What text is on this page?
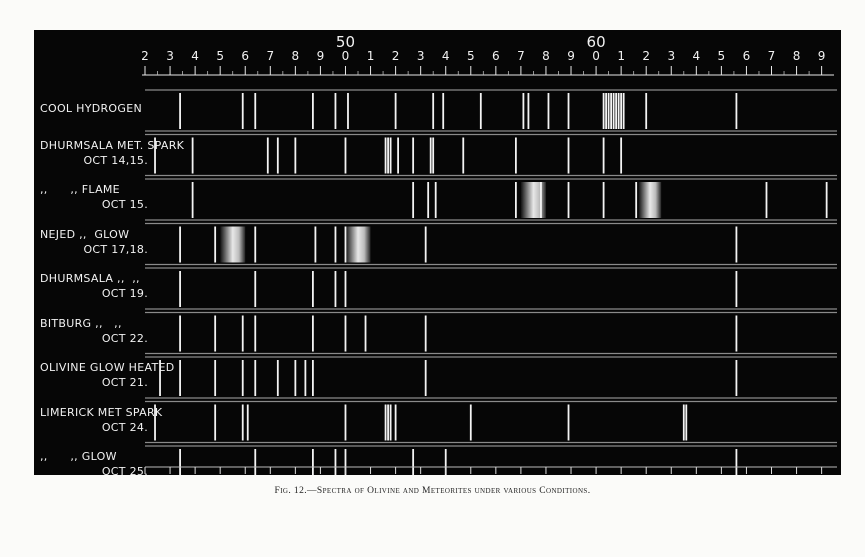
2 3 4 5 6 7 8 9 0 1 2 3 4 5 6 7 8 9 0 1 2 3 4 5 6 7 8 9
50	60
COOL HYDROGEN
DHURMSALA MET. SPARK
OCT 14,15.
,,      ,, FLAME
OCT 15.
NEJED ,,  GLOW
OCT 17,18.
DHURMSALA ,,  ,,
OCT 19.
BITBURG ,,   ,,
OCT 22.
OLIVINE GLOW HEATED
OCT 21.
LIMERICK MET SPARK
OCT 24.
,,      ,, GLOW
OCT 25.
Fig. 12.—Spectra of Olivine and Meteorites under various Conditions.
